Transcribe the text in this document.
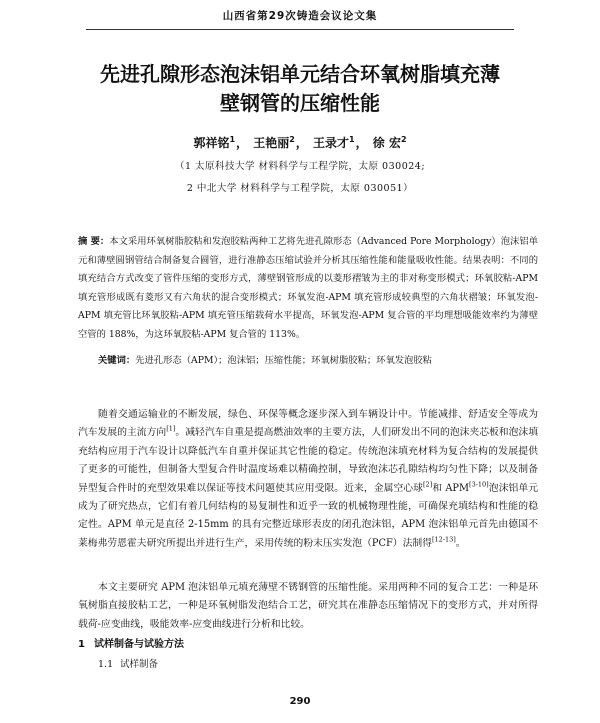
山西省第29次铸造会议论文集
先进孔隙形态泡沫铝单元结合环氧树脂填充薄
壁钢管的压缩性能
郭祥铭$^1$， 王艳丽$^2$， 王录才$^1$， 徐 宏$^2$
（1 太原科技大学 材料科学与工程学院，太原 030024;
2 中北大学 材料科学与工程学院，太原 030051）
摘 要：本文采用环氧树脂胶粘和发泡胶粘两种工艺将先进孔隙形态（Advanced Pore Morphology）泡沫铝单元和薄壁圆钢管结合制备复合圆管，进行准静态压缩试验并分析其压缩性能和能量吸收性能。结果表明：不同的填充结合方式改变了管件压缩的变形方式，薄壁钢管形成的以菱形褶皱为主的非对称变形模式；环氧胶粘-APM 填充管形成既有菱形又有六角状的混合变形模式；环氧发泡-APM 填充管形成较典型的六角状褶皱；环氧发泡-APM 填充管比环氧胶粘-APM 填充管压缩载荷水平提高，环氧发泡-APM 复合管的平均理想吸能效率约为薄壁空管的 188%，为这环氧胶粘-APM 复合管的 113%。
关键词：先进孔形态（APM）；泡沫铝；压缩性能；环氧树脂胶粘；环氧发泡胶粘

随着交通运输业的不断发展，绿色、环保等概念逐步深入到车辆设计中。节能减排、舒适安全等成为汽车发展的主流方向[1]。减轻汽车自重是提高燃油效率的主要方法，人们研发出不同的泡沫夹芯板和泡沫填充结构应用于汽车设计以降低汽车自重并保证其它性能的稳定。传统泡沫填充材料为复合结构的发展提供了更多的可能性，但制备大型复合件时温度场难以精确控制，导致泡沫芯孔隙结构均匀性下降；以及制备异型复合件时的充型效果难以保证等技术问题使其应用受限。近来，金属空心球[2]和 APM[3-10]泡沫铝单元成为了研究热点，它们有着几何结构的易复制性和近乎一致的机械物理性能，可确保充填结构和性能的稳定性。APM 单元是直径 2-15mm 的具有完整近球形表皮的闭孔泡沫铝，APM 泡沫铝单元首先由德国不莱梅弗劳恩霍夫研究所提出并进行生产，采用传统的粉末压实发泡（PCF）法制得[12-13]。

本文主要研究 APM 泡沫铝单元填充薄壁不锈钢管的压缩性能。采用两种不同的复合工艺：一种是环氧树脂直接胶粘工艺，一种是环氧树脂发泡结合工艺，研究其在准静态压缩情况下的变形方式，并对所得载荷-应变曲线，吸能效率-应变曲线进行分析和比较。

1 试样制备与试验方法
1.1 试样制备
290
